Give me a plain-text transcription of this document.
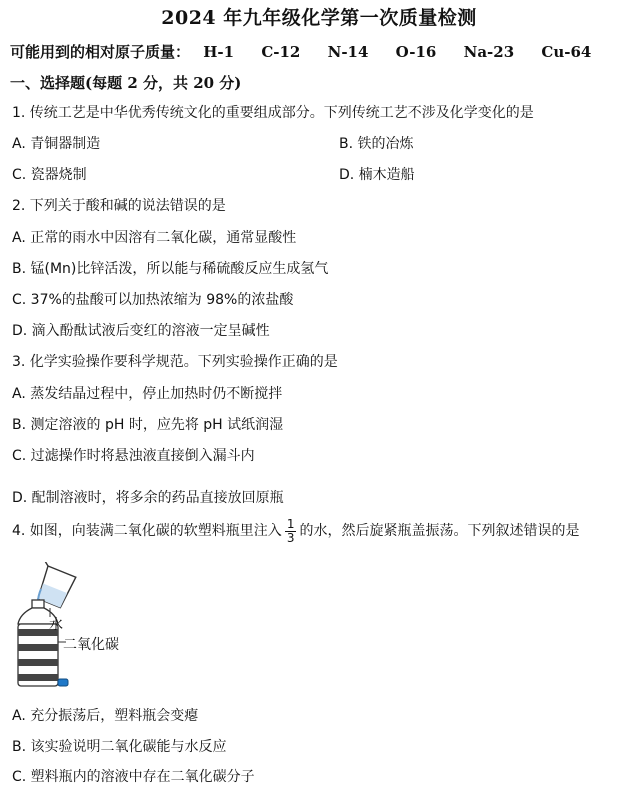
2024 年九年级化学第一次质量检测
可能用到的相对原子质量： H-1 C-12 N-14 O-16 Na-23 Cu-64
一、选择题(每题 2 分，共 20 分)
1. 传统工艺是中华优秀传统文化的重要组成部分。下列传统工艺不涉及化学变化的是
A. 青铜器制造	B. 铁的冶炼
C. 瓷器烧制	D. 楠木造船
2. 下列关于酸和碱的说法错误的是
A. 正常的雨水中因溶有二氧化碳，通常显酸性
B. 锰(Mn)比锌活泼，所以能与稀硫酸反应生成氢气
C. 37%的盐酸可以加热浓缩为 98%的浓盐酸
D. 滴入酚酞试液后变红的溶液一定呈碱性
3. 化学实验操作要科学规范。下列实验操作正确的是
A. 蒸发结晶过程中，停止加热时仍不断搅拌
B. 测定溶液的 pH 时，应先将 pH 试纸润湿
C. 过滤操作时将悬浊液直接倒入漏斗内
D. 配制溶液时，将多余的药品直接放回原瓶
4. 如图，向装满二氧化碳的软塑料瓶里注入 $\frac{1}{3}$ 的水，然后旋紧瓶盖振荡。下列叙述错误的是
水
二氧化碳
A. 充分振荡后，塑料瓶会变瘪
B. 该实验说明二氧化碳能与水反应
C. 塑料瓶内的溶液中存在二氧化碳分子
